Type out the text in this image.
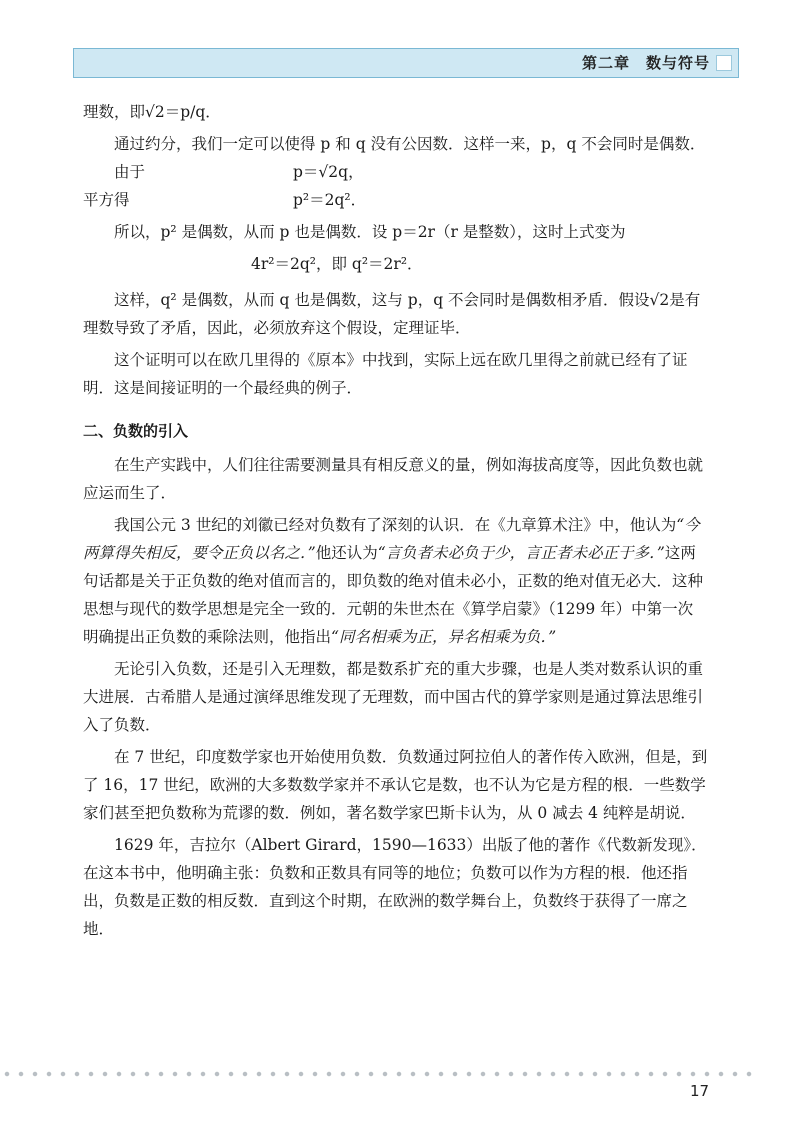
第二章　数与符号

理数，即√2＝p/q．

通过约分，我们一定可以使得 p 和 q 没有公因数．这样一来，p，q 不会同时是偶数．

由于	p＝√2q，
平方得	p²＝2q²．

所以，p² 是偶数，从而 p 也是偶数．设 p＝2r（r 是整数），这时上式变为

4r²＝2q²，即 q²＝2r²．

这样，q² 是偶数，从而 q 也是偶数，这与 p，q 不会同时是偶数相矛盾．假设√2是有理数导致了矛盾，因此，必须放弃这个假设，定理证毕．

这个证明可以在欧几里得的《原本》中找到，实际上远在欧几里得之前就已经有了证明．这是间接证明的一个最经典的例子．

二、负数的引入

在生产实践中，人们往往需要测量具有相反意义的量，例如海拔高度等，因此负数也就应运而生了．

我国公元 3 世纪的刘徽已经对负数有了深刻的认识．在《九章算术注》中，他认为“今两算得失相反，要令正负以名之．”他还认为“言负者未必负于少，言正者未必正于多．”这两句话都是关于正负数的绝对值而言的，即负数的绝对值未必小，正数的绝对值无必大．这种思想与现代的数学思想是完全一致的．元朝的朱世杰在《算学启蒙》（1299 年）中第一次明确提出正负数的乘除法则，他指出“同名相乘为正，异名相乘为负．”

无论引入负数，还是引入无理数，都是数系扩充的重大步骤，也是人类对数系认识的重大进展．古希腊人是通过演绎思维发现了无理数，而中国古代的算学家则是通过算法思维引入了负数．

在 7 世纪，印度数学家也开始使用负数．负数通过阿拉伯人的著作传入欧洲，但是，到了 16，17 世纪，欧洲的大多数数学家并不承认它是数，也不认为它是方程的根．一些数学家们甚至把负数称为荒谬的数．例如，著名数学家巴斯卡认为，从 0 减去 4 纯粹是胡说．

1629 年，吉拉尔（Albert Girard，1590—1633）出版了他的著作《代数新发现》．在这本书中，他明确主张：负数和正数具有同等的地位；负数可以作为方程的根．他还指出，负数是正数的相反数．直到这个时期，在欧洲的数学舞台上，负数终于获得了一席之地．

17
